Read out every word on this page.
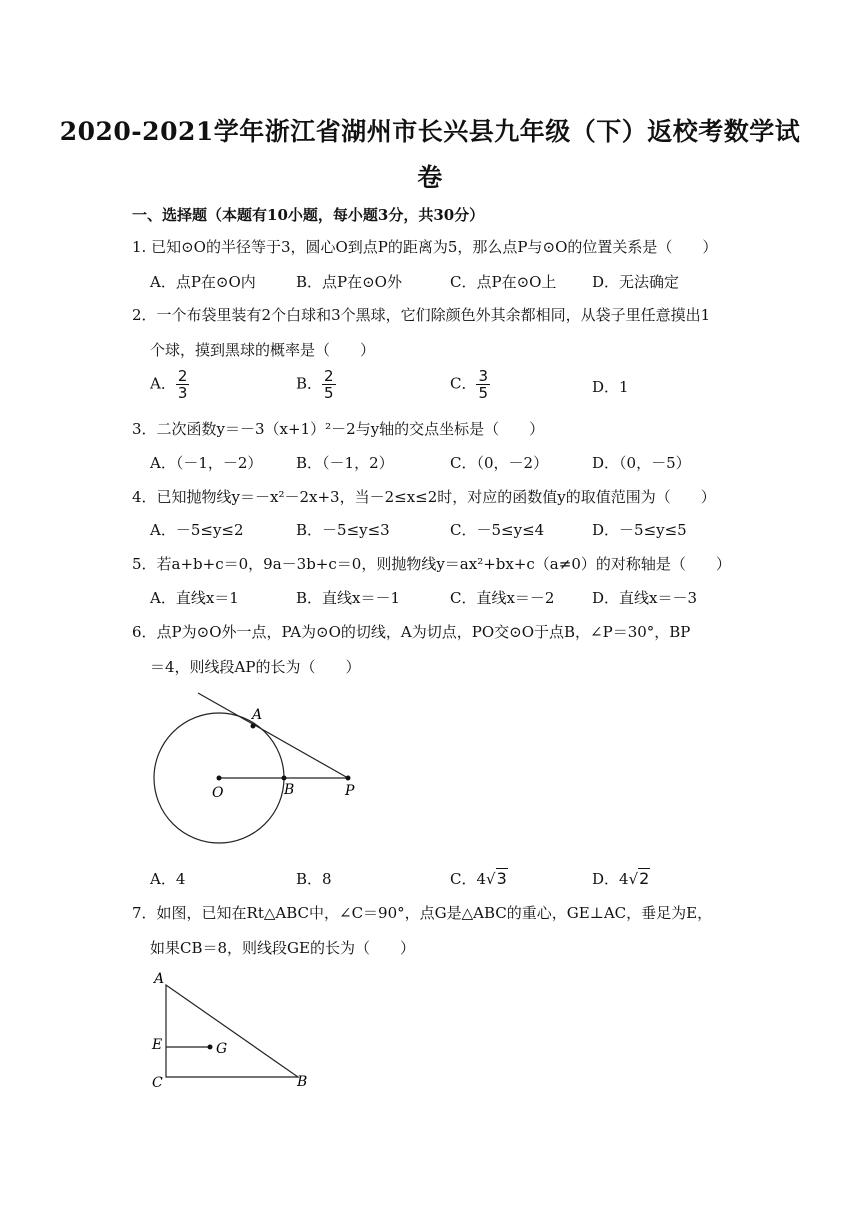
2020-2021学年浙江省湖州市长兴县九年级（下）返校考数学试
卷
一、选择题（本题有10小题，每小题3分，共30分）
1. 已知⊙O的半径等于3，圆心O到点P的距离为5，那么点P与⊙O的位置关系是（　　）
A．点P在⊙O内	B．点P在⊙O外	C．点P在⊙O上 D．无法确定
2．一个布袋里装有2个白球和3个黑球，它们除颜色外其余都相同，从袋子里任意摸出1
个球，摸到黑球的概率是（　　）
A． $\frac{2}{3}$	B． $\frac{2}{5}$	C． $\frac{3}{5}$	D．1
3．二次函数y＝－3（x+1）²－2与y轴的交点坐标是（　　）
A．（－1，－2） B．（－1，2）	C．（0，－2）	D．（0，－5）
4．已知抛物线y＝－x²－2x+3，当－2≤x≤2时，对应的函数值y的取值范围为（　　）
A．－5≤y≤2	B．－5≤y≤3	C．－5≤y≤4	D．－5≤y≤5
5．若a+b+c＝0，9a－3b+c＝0，则抛物线y＝ax²+bx+c（a≠0）的对称轴是（　　）
A．直线x＝1	B．直线x＝－1	C．直线x＝－2	D．直线x＝－3
6．点P为⊙O外一点，PA为⊙O的切线，A为切点，PO交⊙O于点B，∠P＝30°，BP
＝4，则线段AP的长为（　　）
A
O	B	P
A．4	B．8	C．4√3	D．4√2
7．如图，已知在Rt△ABC中，∠C＝90°，点G是△ABC的重心，GE⊥AC，垂足为E，
如果CB＝8，则线段GE的长为（　　）
A
E	G
C	B
